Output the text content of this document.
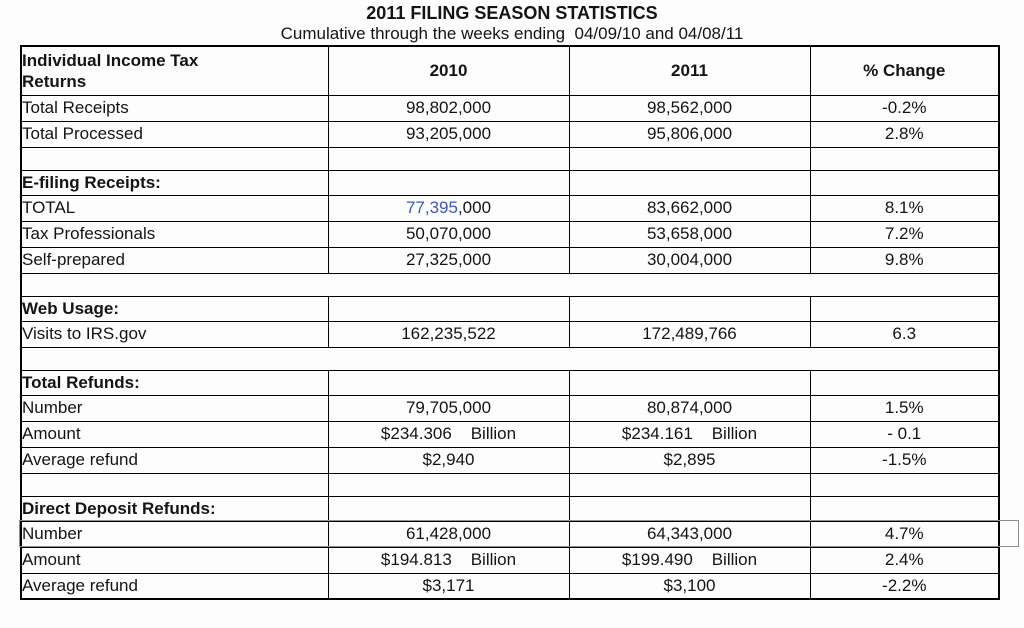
2011 FILING SEASON STATISTICS
Cumulative through the weeks ending  04/09/10 and 04/08/11
Individual Income Tax
Returns	2010	2011	% Change
Total Receipts	98,802,000	98,562,000	-0.2%
Total Processed	93,205,000	95,806,000	2.8%

E-filing Receipts:			
TOTAL	77,395,000	83,662,000	8.1%
Tax Professionals	50,070,000	53,658,000	7.2%
Self-prepared	27,325,000	30,004,000	9.8%

Web Usage:			
Visits to IRS.gov	162,235,522	172,489,766	6.3

Total Refunds:			
Number	79,705,000	80,874,000	1.5%
Amount	$234.306    Billion	$234.161    Billion	- 0.1
Average refund	$2,940	$2,895	-1.5%

Direct Deposit Refunds:			
Number	61,428,000	64,343,000	4.7%
Amount	$194.813    Billion	$199.490    Billion	2.4%
Average refund	$3,171	$3,100	-2.2%
